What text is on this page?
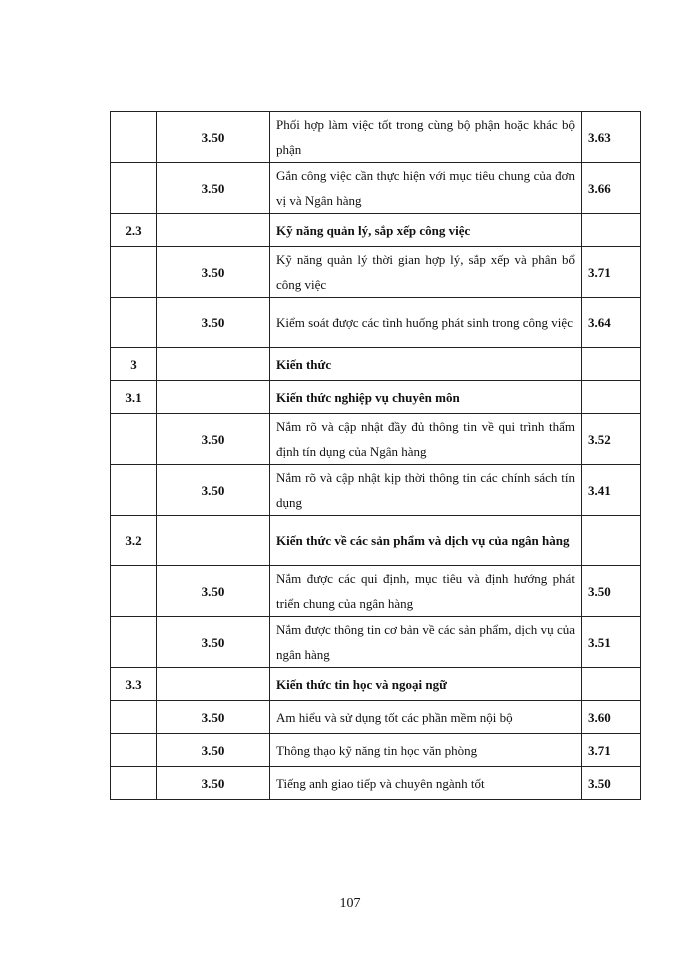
	3.50	Phối hợp làm việc tốt trong cùng bộ phận hoặc khác bộ phận	3.63
	3.50	Gắn công việc cần thực hiện với mục tiêu chung của đơn vị và Ngân hàng	3.66
2.3		Kỹ năng quản lý, sắp xếp công việc	
	3.50	Kỹ năng quản lý thời gian hợp lý, sắp xếp và phân bổ công việc	3.71
	3.50	Kiểm soát được các tình huống phát sinh trong công việc	3.64
3		Kiến thức	
3.1		Kiến thức nghiệp vụ chuyên môn	
	3.50	Nắm rõ và cập nhật đầy đủ thông tin về qui trình thẩm định tín dụng của Ngân hàng	3.52
	3.50	Nắm rõ và cập nhật kịp thời thông tin các chính sách tín dụng	3.41
3.2		Kiến thức về các sản phẩm và dịch vụ của ngân hàng	
	3.50	Nắm được các qui định, mục tiêu và định hướng phát triển chung của ngân hàng	3.50
	3.50	Nắm được thông tin cơ bản về các sản phẩm, dịch vụ của ngân hàng	3.51
3.3		Kiến thức tin học và ngoại ngữ	
	3.50	Am hiểu và sử dụng tốt các phần mềm nội bộ	3.60
	3.50	Thông thạo kỹ năng tin học văn phòng	3.71
	3.50	Tiếng anh giao tiếp và chuyên ngành tốt	3.50
107
